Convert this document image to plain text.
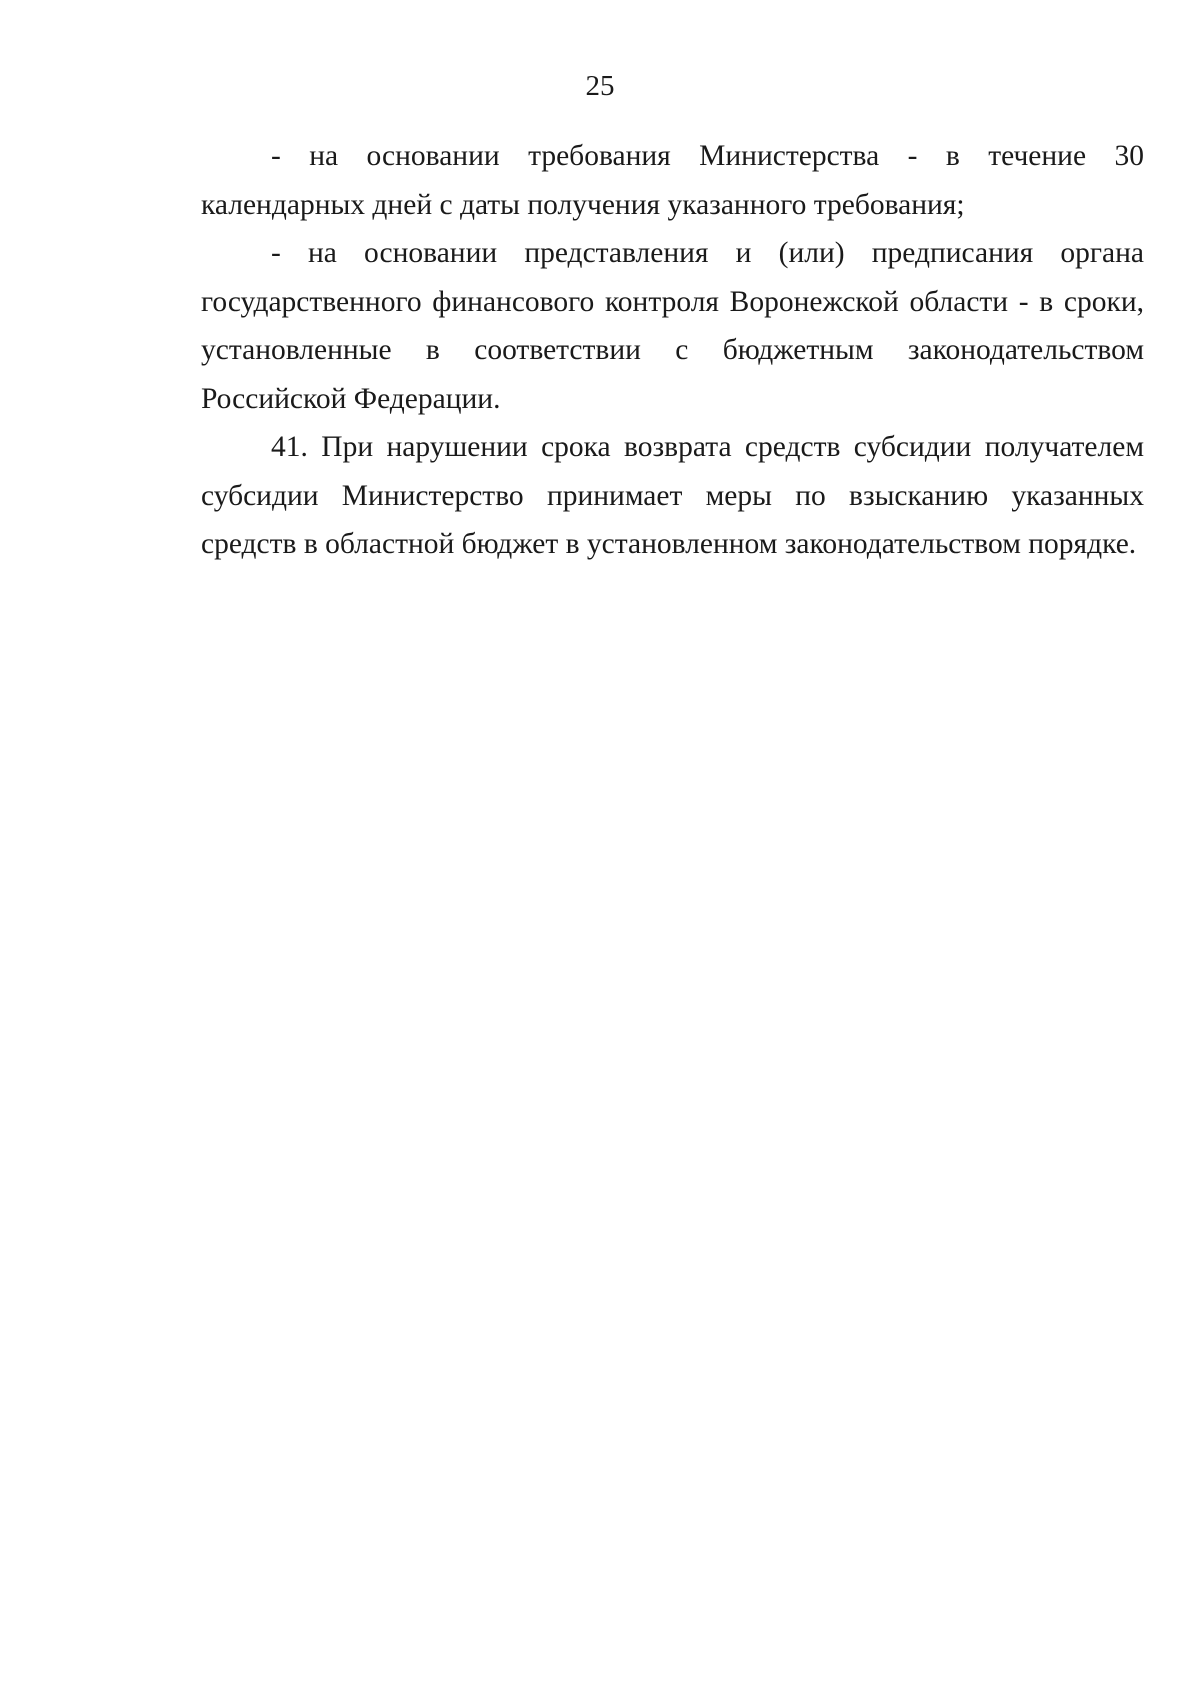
25

- на основании требования Министерства - в течение 30 календарных дней с даты получения указанного требования;

- на основании представления и (или) предписания органа государственного финансового контроля Воронежской области - в сроки, установленные в соответствии с бюджетным законодательством Российской Федерации.

41. При нарушении срока возврата средств субсидии получателем субсидии Министерство принимает меры по взысканию указанных средств в областной бюджет в установленном законодательством порядке.
